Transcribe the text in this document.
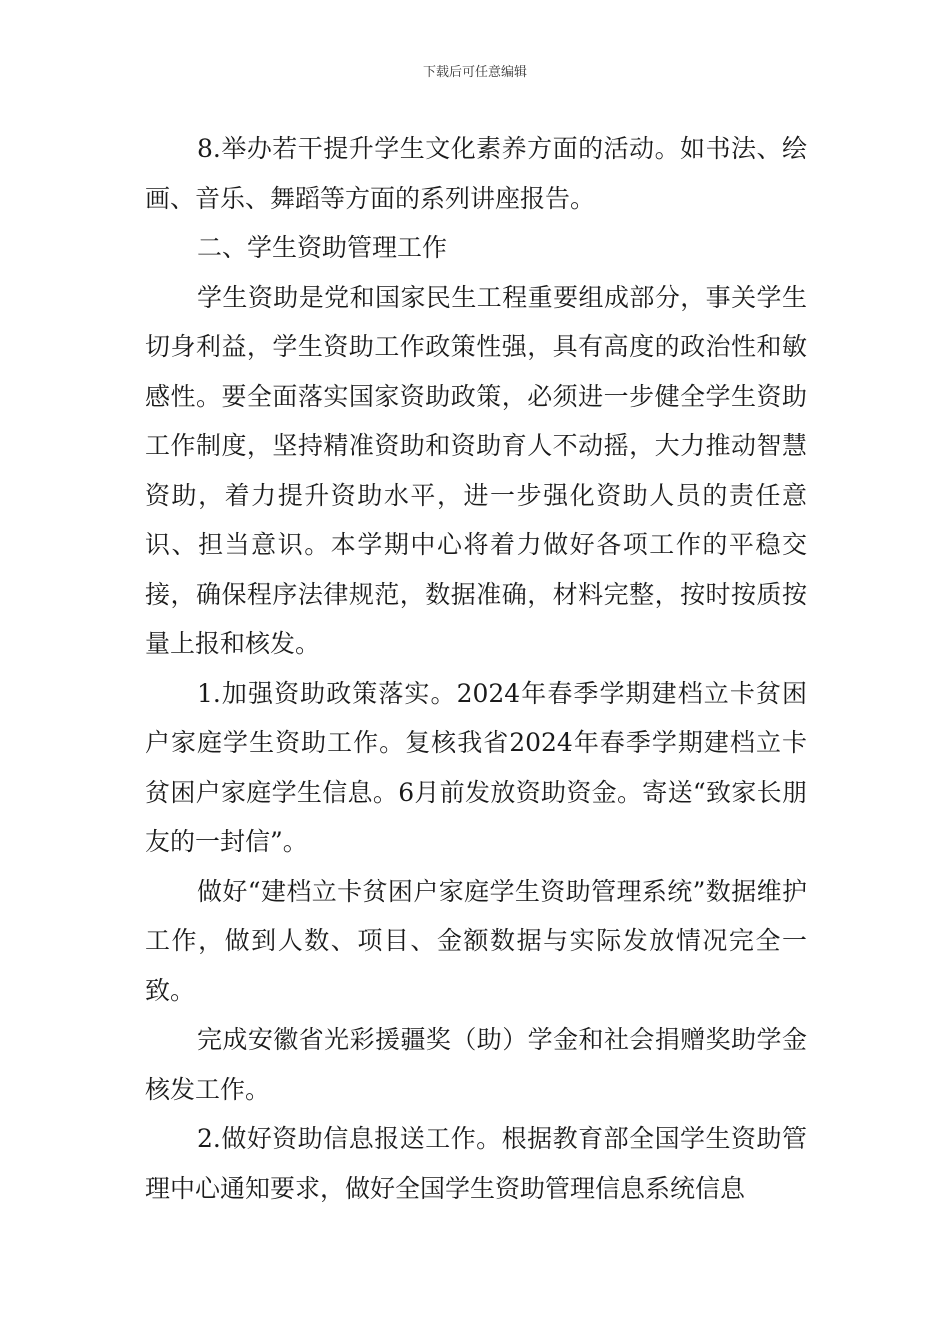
下载后可任意编辑

8.举办若干提升学生文化素养方面的活动。如书法、绘画、音乐、舞蹈等方面的系列讲座报告。

二、学生资助管理工作

学生资助是党和国家民生工程重要组成部分，事关学生切身利益，学生资助工作政策性强，具有高度的政治性和敏感性。要全面落实国家资助政策，必须进一步健全学生资助工作制度，坚持精准资助和资助育人不动摇，大力推动智慧资助，着力提升资助水平，进一步强化资助人员的责任意识、担当意识。本学期中心将着力做好各项工作的平稳交接，确保程序法律规范，数据准确，材料完整，按时按质按量上报和核发。

1.加强资助政策落实。2024年春季学期建档立卡贫困户家庭学生资助工作。复核我省2024年春季学期建档立卡贫困户家庭学生信息。6月前发放资助资金。寄送“致家长朋友的一封信”。

做好“建档立卡贫困户家庭学生资助管理系统”数据维护工作，做到人数、项目、金额数据与实际发放情况完全一致。

完成安徽省光彩援疆奖（助）学金和社会捐赠奖助学金核发工作。

2.做好资助信息报送工作。根据教育部全国学生资助管理中心通知要求，做好全国学生资助管理信息系统信息
